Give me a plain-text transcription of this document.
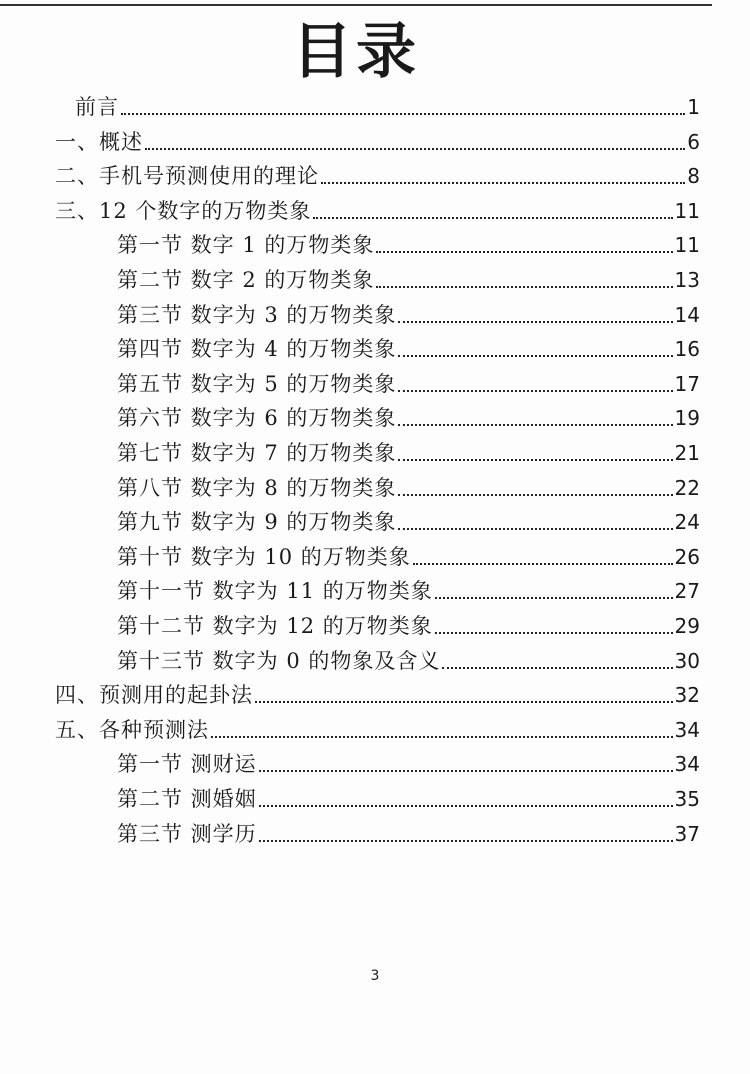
目录
前言	1
一、概述	6
二、手机号预测使用的理论	8
三、12 个数字的万物类象	11
第一节 数字 1 的万物类象	11
第二节 数字 2 的万物类象	13
第三节 数字为 3 的万物类象	14
第四节 数字为 4 的万物类象	16
第五节 数字为 5 的万物类象	17
第六节 数字为 6 的万物类象	19
第七节 数字为 7 的万物类象	21
第八节 数字为 8 的万物类象	22
第九节 数字为 9 的万物类象	24
第十节 数字为 10 的万物类象	26
第十一节 数字为 11 的万物类象	27
第十二节 数字为 12 的万物类象	29
第十三节 数字为 0 的物象及含义	30
四、预测用的起卦法	32
五、各种预测法	34
第一节 测财运	34
第二节 测婚姻	35
第三节 测学历	37
3
